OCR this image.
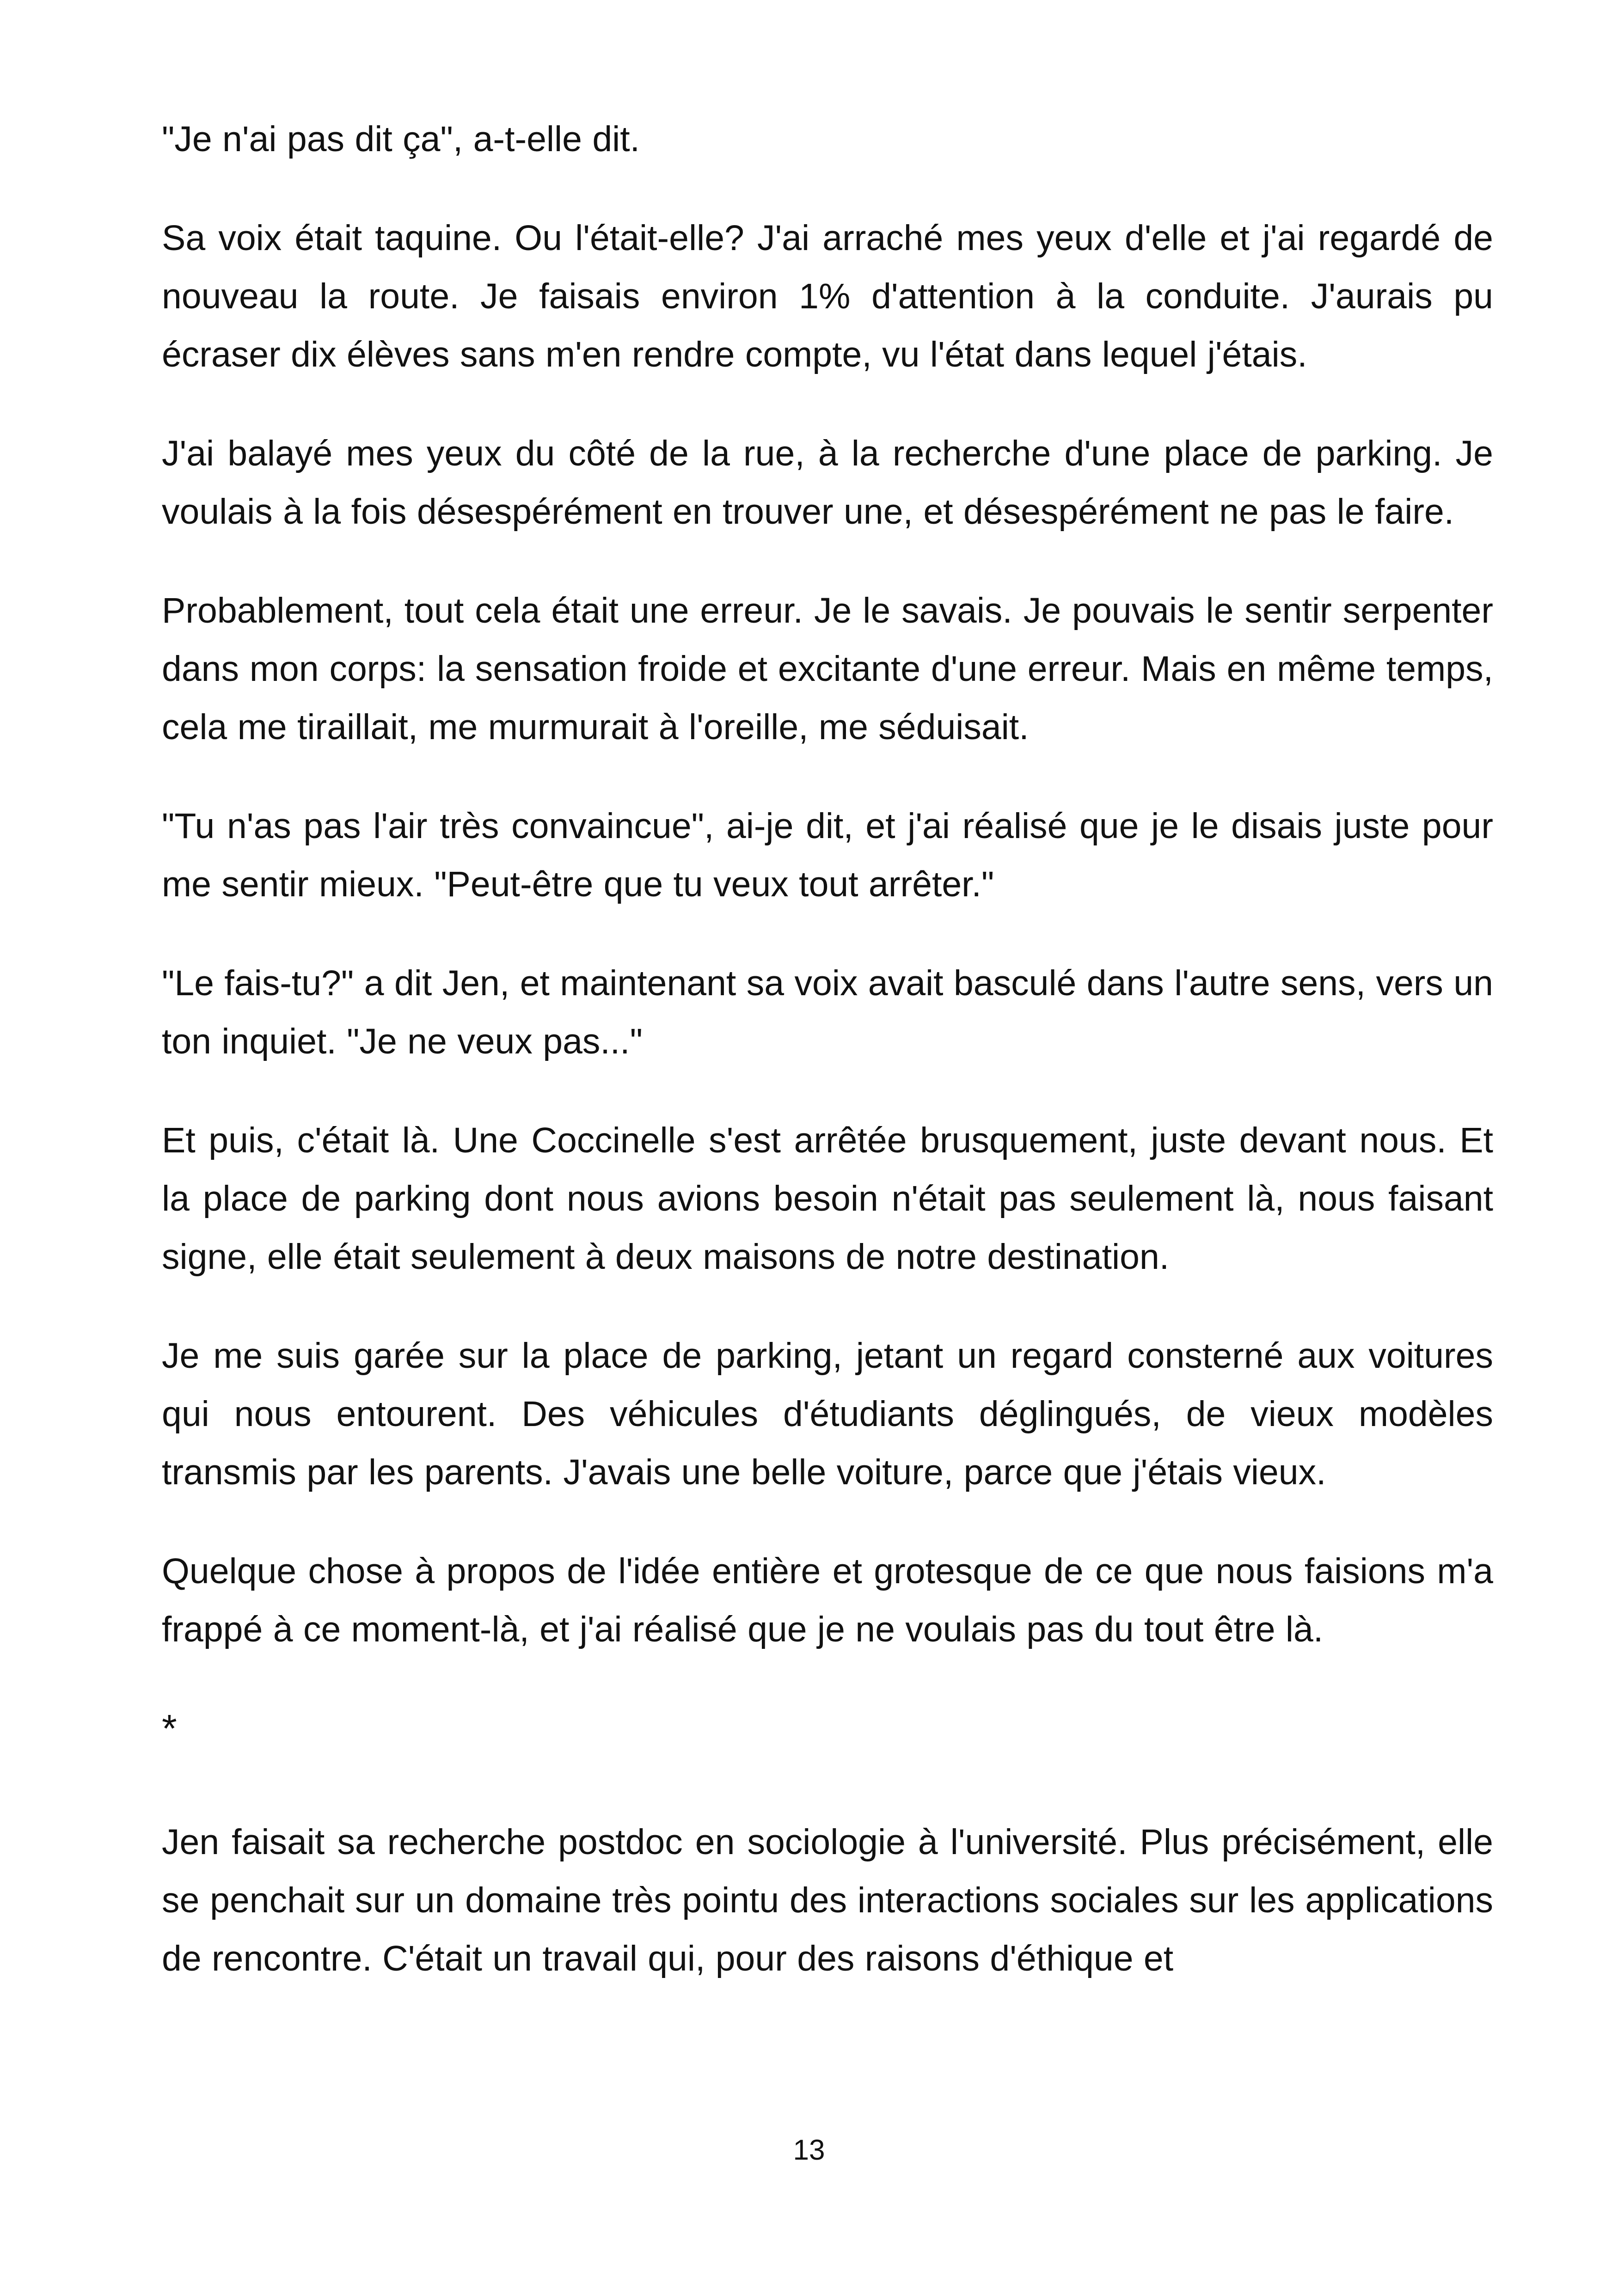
"Je n'ai pas dit ça", a-t-elle dit.

Sa voix était taquine. Ou l'était-elle? J'ai arraché mes yeux d'elle et j'ai regardé de nouveau la route. Je faisais environ 1% d'attention à la conduite. J'aurais pu écraser dix élèves sans m'en rendre compte, vu l'état dans lequel j'étais.

J'ai balayé mes yeux du côté de la rue, à la recherche d'une place de parking. Je voulais à la fois désespérément en trouver une, et désespérément ne pas le faire.

Probablement, tout cela était une erreur. Je le savais. Je pouvais le sentir serpenter dans mon corps: la sensation froide et excitante d'une erreur. Mais en même temps, cela me tiraillait, me murmurait à l'oreille, me séduisait.

"Tu n'as pas l'air très convaincue", ai-je dit, et j'ai réalisé que je le disais juste pour me sentir mieux. "Peut-être que tu veux tout arrêter."

"Le fais-tu?" a dit Jen, et maintenant sa voix avait basculé dans l'autre sens, vers un ton inquiet. "Je ne veux pas..."

Et puis, c'était là. Une Coccinelle s'est arrêtée brusquement, juste devant nous. Et la place de parking dont nous avions besoin n'était pas seulement là, nous faisant signe, elle était seulement à deux maisons de notre destination.

Je me suis garée sur la place de parking, jetant un regard consterné aux voitures qui nous entourent. Des véhicules d'étudiants déglingués, de vieux modèles transmis par les parents. J'avais une belle voiture, parce que j'étais vieux.

Quelque chose à propos de l'idée entière et grotesque de ce que nous faisions m'a frappé à ce moment-là, et j'ai réalisé que je ne voulais pas du tout être là.

*

Jen faisait sa recherche postdoc en sociologie à l'université. Plus précisément, elle se penchait sur un domaine très pointu des interactions sociales sur les applications de rencontre. C'était un travail qui, pour des raisons d'éthique et

13
